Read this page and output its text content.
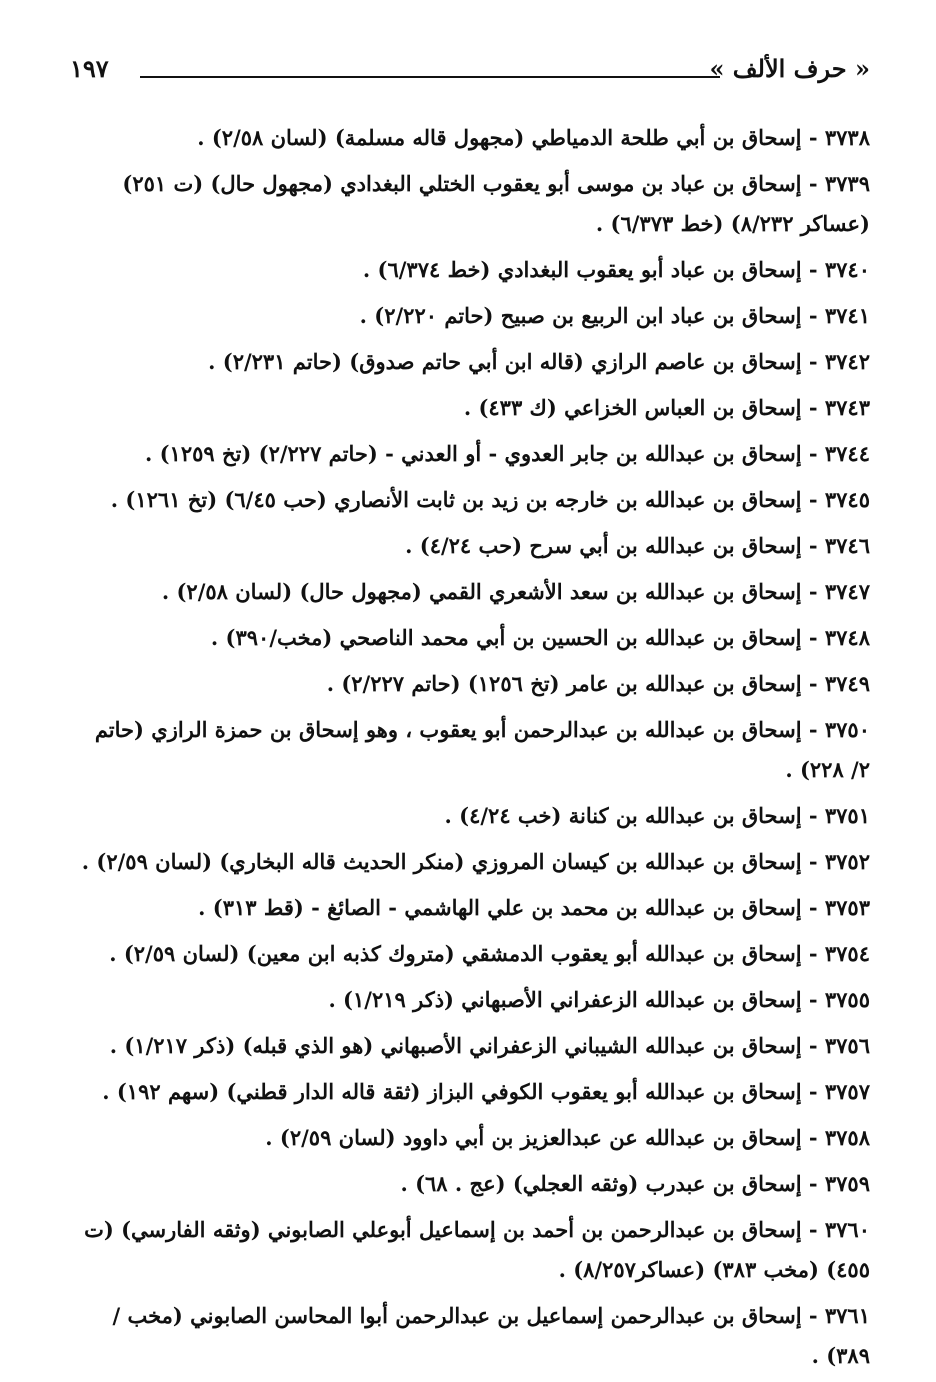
« حرف الألف »
١٩٧
٣٧٣٨ - إسحاق بن أبي طلحة الدمياطي (مجهول قاله مسلمة) (لسان ٢/٥٨) .
٣٧٣٩ - إسحاق بن عباد بن موسى أبو يعقوب الختلي البغدادي (مجهول حال) (ت ٢٥١) (عساكر ٨/٢٣٢) (خط ٦/٣٧٣) .
٣٧٤٠ - إسحاق بن عباد أبو يعقوب البغدادي (خط ٦/٣٧٤) .
٣٧٤١ - إسحاق بن عباد ابن الربيع بن صبيح (حاتم ٢/٢٢٠) .
٣٧٤٢ - إسحاق بن عاصم الرازي (قاله ابن أبي حاتم صدوق) (حاتم ٢/٢٣١) .
٣٧٤٣ - إسحاق بن العباس الخزاعي (ك ٤٣٣) .
٣٧٤٤ - إسحاق بن عبدالله بن جابر العدوي - أو العدني - (حاتم ٢/٢٢٧) (تخ ١٢٥٩) .
٣٧٤٥ - إسحاق بن عبدالله بن خارجه بن زيد بن ثابت الأنصاري (حب ٦/٤٥) (تخ ١٢٦١) .
٣٧٤٦ - إسحاق بن عبدالله بن أبي سرح (حب ٤/٢٤) .
٣٧٤٧ - إسحاق بن عبدالله بن سعد الأشعري القمي (مجهول حال) (لسان ٢/٥٨) .
٣٧٤٨ - إسحاق بن عبدالله بن الحسين بن أبي محمد الناصحي (مخب/٣٩٠) .
٣٧٤٩ - إسحاق بن عبدالله بن عامر (تخ ١٢٥٦) (حاتم ٢/٢٢٧) .
٣٧٥٠ - إسحاق بن عبدالله بن عبدالرحمن أبو يعقوب ، وهو إسحاق بن حمزة الرازي (حاتم ٢/ ٢٢٨) .
٣٧٥١ - إسحاق بن عبدالله بن كنانة (خب ٤/٢٤) .
٣٧٥٢ - إسحاق بن عبدالله بن كيسان المروزي (منكر الحديث قاله البخاري) (لسان ٢/٥٩) .
٣٧٥٣ - إسحاق بن عبدالله بن محمد بن علي الهاشمي - الصائغ - (قط ٣١٣) .
٣٧٥٤ - إسحاق بن عبدالله أبو يعقوب الدمشقي (متروك كذبه ابن معين) (لسان ٢/٥٩) .
٣٧٥٥ - إسحاق بن عبدالله الزعفراني الأصبهاني (ذكر ١/٢١٩) .
٣٧٥٦ - إسحاق بن عبدالله الشيباني الزعفراني الأصبهاني (هو الذي قبله) (ذكر ١/٢١٧) .
٣٧٥٧ - إسحاق بن عبدالله أبو يعقوب الكوفي البزاز (ثقة قاله الدار قطني) (سهم ١٩٢) .
٣٧٥٨ - إسحاق بن عبدالله عن عبدالعزيز بن أبي داوود (لسان ٢/٥٩) .
٣٧٥٩ - إسحاق بن عبدرب (وثقه العجلي) (عج . ٦٨) .
٣٧٦٠ - إسحاق بن عبدالرحمن بن أحمد بن إسماعيل أبوعلي الصابوني (وثقه الفارسي) (ت ٤٥٥) (مخب ٣٨٣) (عساكر٨/٢٥٧) .
٣٧٦١ - إسحاق بن عبدالرحمن إسماعيل بن عبدالرحمن أبوا المحاسن الصابوني (مخب /٣٨٩) .
